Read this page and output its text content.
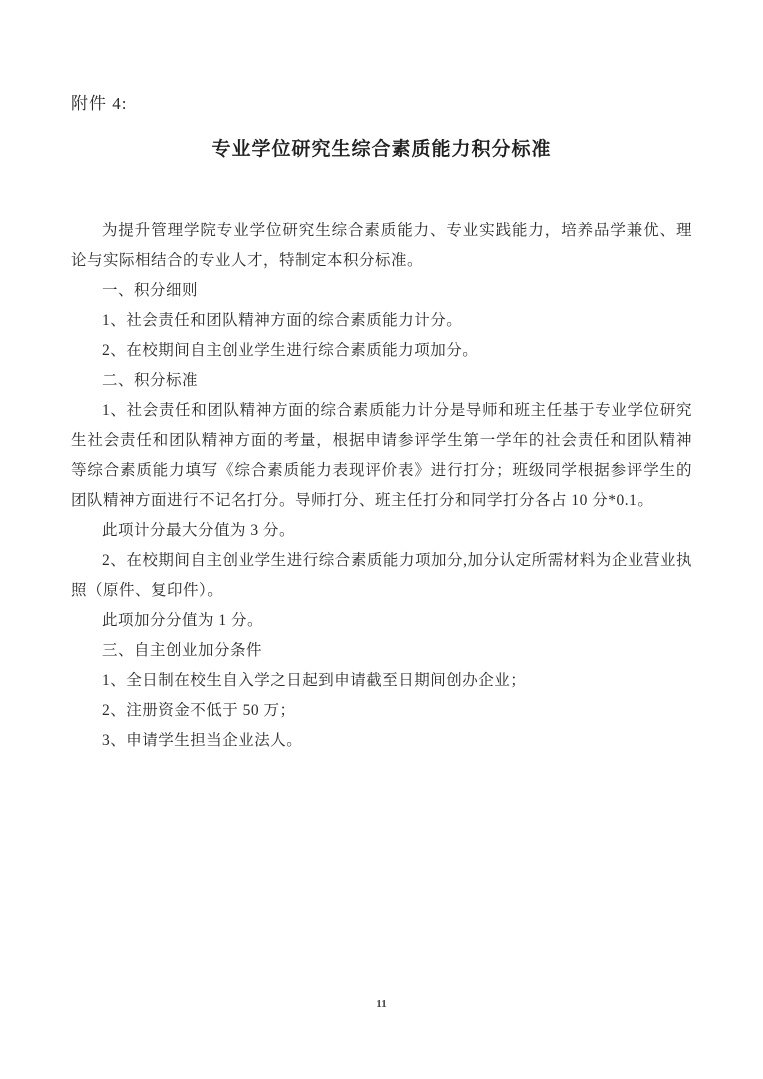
附件 4:
专业学位研究生综合素质能力积分标准

为提升管理学院专业学位研究生综合素质能力、专业实践能力，培养品学兼优、理论与实际相结合的专业人才，特制定本积分标准。

一、积分细则

1、社会责任和团队精神方面的综合素质能力计分。

2、在校期间自主创业学生进行综合素质能力项加分。

二、积分标准

1、社会责任和团队精神方面的综合素质能力计分是导师和班主任基于专业学位研究生社会责任和团队精神方面的考量，根据申请参评学生第一学年的社会责任和团队精神等综合素质能力填写《综合素质能力表现评价表》进行打分；班级同学根据参评学生的团队精神方面进行不记名打分。导师打分、班主任打分和同学打分各占 10 分*0.1。

此项计分最大分值为 3 分。

2、在校期间自主创业学生进行综合素质能力项加分,加分认定所需材料为企业营业执照（原件、复印件）。

此项加分分值为 1 分。

三、自主创业加分条件

1、全日制在校生自入学之日起到申请截至日期间创办企业；

2、注册资金不低于 50 万；

3、申请学生担当企业法人。

11
